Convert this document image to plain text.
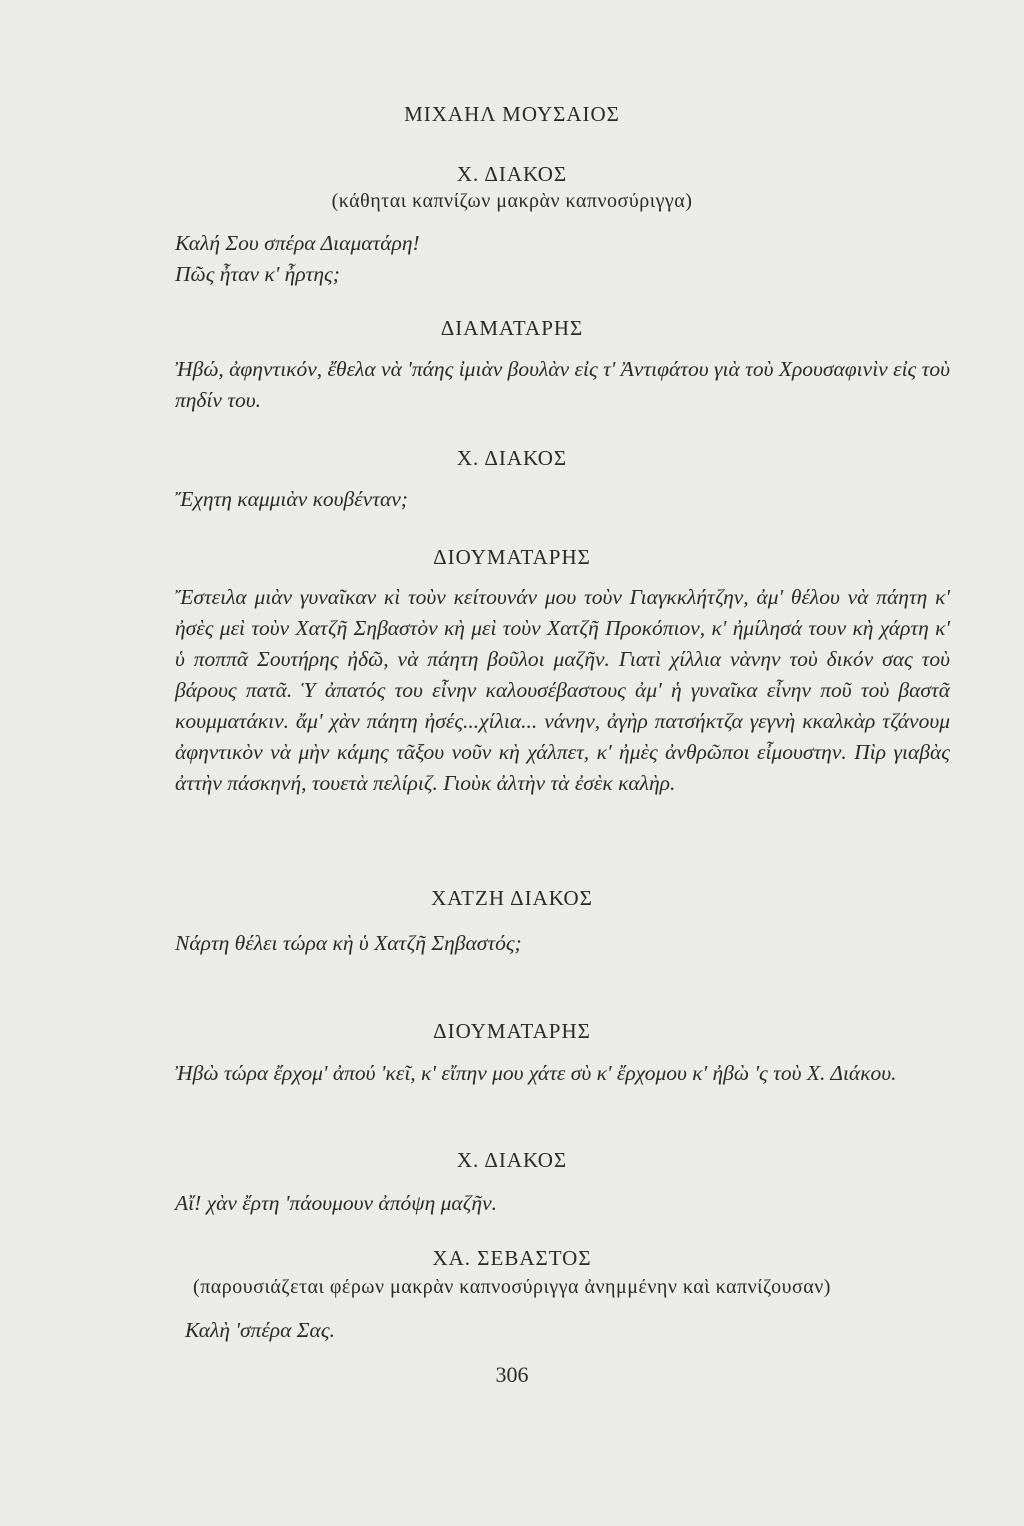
ΜΙΧΑΗΛ ΜΟΥΣΑΙΟΣ
Χ. ΔΙΑΚΟΣ
(κάθηται καπνίζων μακρὰν καπνοσύριγγα)
Καλή Σου σπέρα Διαματάρη!
Πῶς ἦταν κ' ἦρτης;
ΔΙΑΜΑΤΑΡΗΣ
Ἠβώ, ἀφηντικόν, ἔθελα νὰ 'πάης ἰμιὰν βουλὰν εἰς τ' Ἀντιφάτου γιὰ τοὺ Χρουσαφινὶν εἰς τοὺ πηδίν του.
Χ. ΔΙΑΚΟΣ
Ἔχητη καμμιὰν κουβένταν;
ΔΙΟΥΜΑΤΑΡΗΣ
Ἔστειλα μιὰν γυναῖκαν κὶ τοὺν κείτουνάν μου τοὺν Γιαγκκλήτζην, ἀμ' θέλου νὰ πάητη κ' ἠσὲς μεὶ τοὺν Χατζῆ Σηβαστὸν κὴ μεὶ τοὺν Χατζῆ Προκόπιον, κ' ἠμίλησά τουν κὴ χάρτη κ' ὑ ποππᾶ Σουτήρης ἠδῶ, νὰ πάητη βοῦλοι μαζῆν. Γιατὶ χίλλια νὰνην τοὺ δικόν σας τοὺ βάρους πατᾶ. Ὑ ἀπατός του εἶνην καλουσέβαστους ἀμ' ἡ γυναῖκα εἶνην ποῦ τοὺ βαστᾶ κουμματάκιν. ἄμ' χὰν πάητη ἠσές...χίλια... νάνην, ἀγὴρ πατσήκτζα γεγνὴ κκαλκὰρ τζάνουμ ἀφηντικὸν νὰ μὴν κάμης τᾶξου νοῦν κὴ χάλπετ, κ' ἠμὲς ἀνθρῶποι εἶμουστην. Πὶρ γιαβὰς ἀττὴν πάσκηνή, τουετὰ πελίριζ. Γιοὺκ ἀλτὴν τὰ ἐσὲκ καλὴρ.
ΧΑΤΖΗ ΔΙΑΚΟΣ
Νάρτη θέλει τώρα κὴ ὑ Χατζῆ Σηβαστός;
ΔΙΟΥΜΑΤΑΡΗΣ
Ἠβὼ τώρα ἔρχομ' ἀπού 'κεῖ, κ' εἴπην μου χάτε σὺ κ' ἔρχομου κ' ἠβὼ 'ς τοὺ Χ. Διάκου.
Χ. ΔΙΑΚΟΣ
Αἴ! χὰν ἔρτη 'πάουμουν ἀπόψη μαζῆν.
ΧΑ. ΣΕΒΑΣΤΟΣ
(παρουσιάζεται φέρων μακρὰν καπνοσύριγγα ἀνημμένην καὶ καπνίζουσαν)
Καλὴ 'σπέρα Σας.
306
